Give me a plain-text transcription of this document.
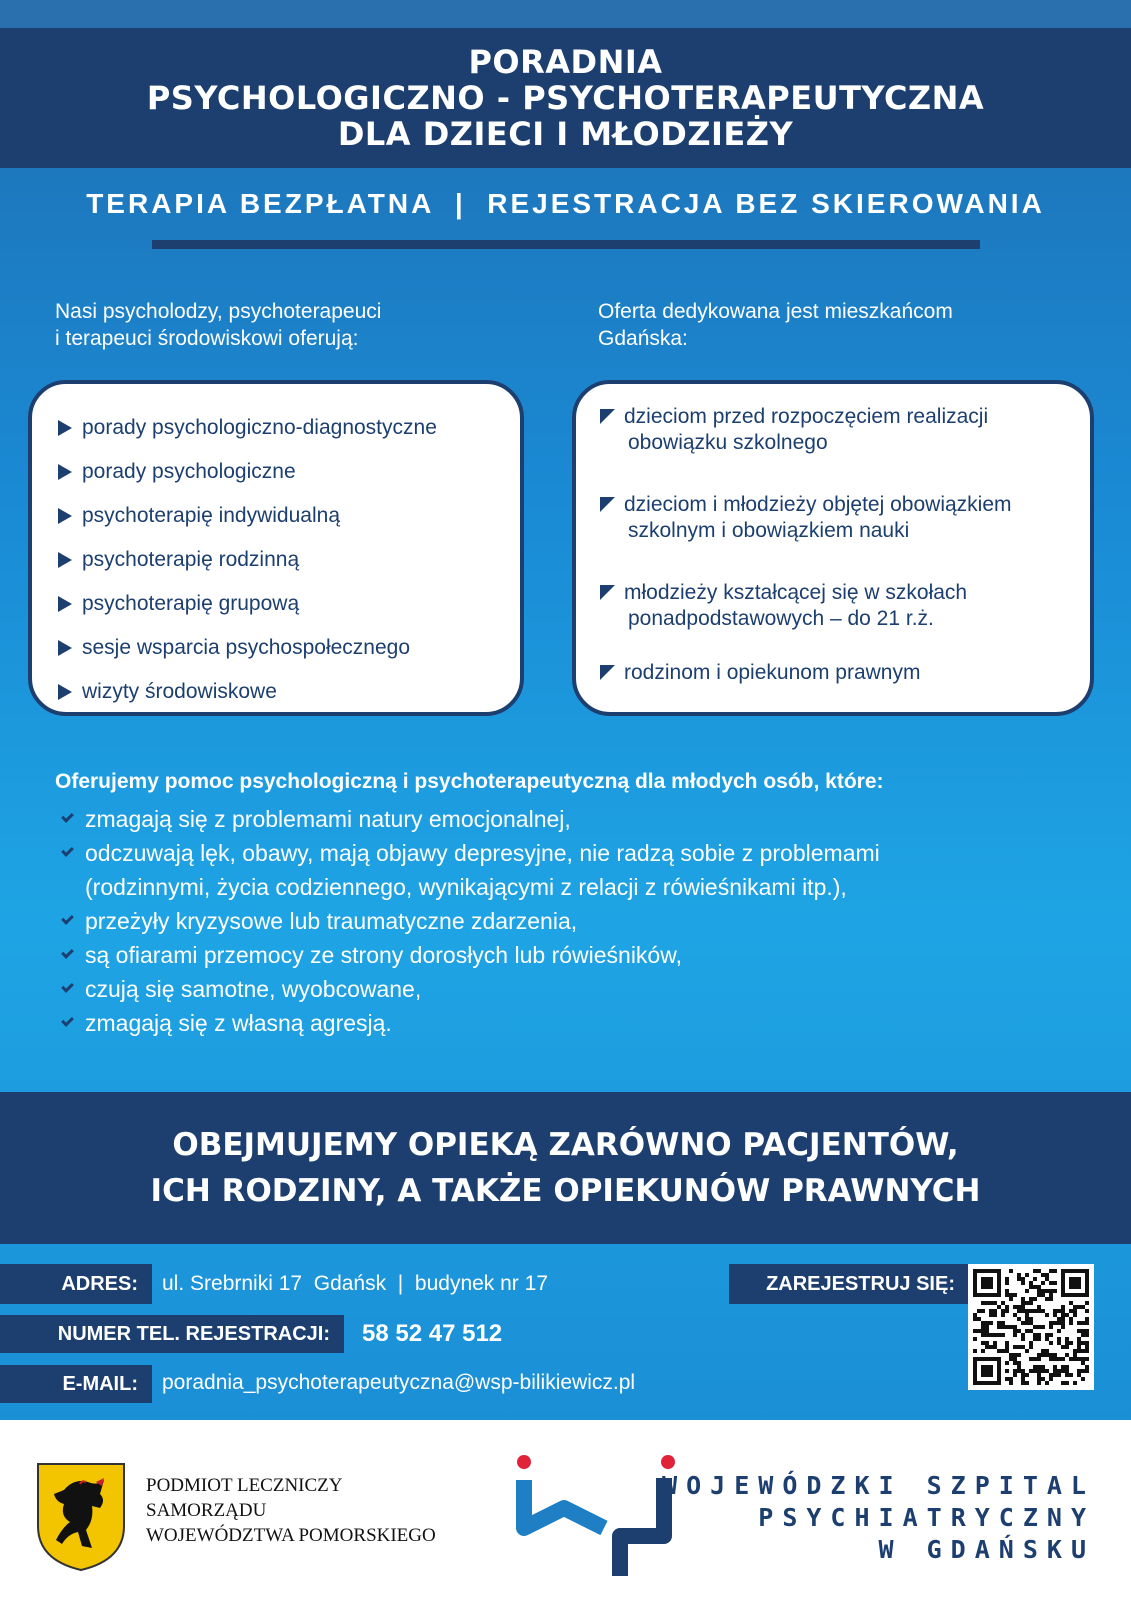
PORADNIA
PSYCHOLOGICZNO - PSYCHOTERAPEUTYCZNA
DLA DZIECI I MŁODZIEŻY
TERAPIA BEZPŁATNA  |  REJESTRACJA BEZ SKIEROWANIA
Nasi psycholodzy, psychoterapeuci
i terapeuci środowiskowi oferują:
porady psychologiczno-diagnostyczne
porady psychologiczne
psychoterapię indywidualną
psychoterapię rodzinną
psychoterapię grupową
sesje wsparcia psychospołecznego
wizyty środowiskowe
Oferta dedykowana jest mieszkańcom
Gdańska:
dzieciom przed rozpoczęciem realizacji
obowiązku szkolnego
dzieciom i młodzieży objętej obowiązkiem
szkolnym i obowiązkiem nauki
młodzieży kształcącej się w szkołach
ponadpodstawowych – do 21 r.ż.
rodzinom i opiekunom prawnym
Oferujemy pomoc psychologiczną i psychoterapeutyczną dla młodych osób, które:
zmagają się z problemami natury emocjonalnej,
odczuwają lęk, obawy, mają objawy depresyjne, nie radzą sobie z problemami
(rodzinnymi, życia codziennego, wynikającymi z relacji z rówieśnikami itp.),
przeżyły kryzysowe lub traumatyczne zdarzenia,
są ofiarami przemocy ze strony dorosłych lub rówieśników,
czują się samotne, wyobcowane,
zmagają się z własną agresją.
OBEJMUJEMY OPIEKĄ ZARÓWNO PACJENTÓW,
ICH RODZINY, A TAKŻE OPIEKUNÓW PRAWNYCH
ADRES:	ul. Srebrniki 17  Gdańsk  |  budynek nr 17
NUMER TEL. REJESTRACJI:	58 52 47 512
E-MAIL:	poradnia_psychoterapeutyczna@wsp-bilikiewicz.pl
ZAREJESTRUJ SIĘ:
PODMIOT LECZNICZY
SAMORZĄDU
WOJEWÓDZTWA POMORSKIEGO
WOJEWÓDZKI SZPITAL
PSYCHIATRYCZNY
W GDAŃSKU
